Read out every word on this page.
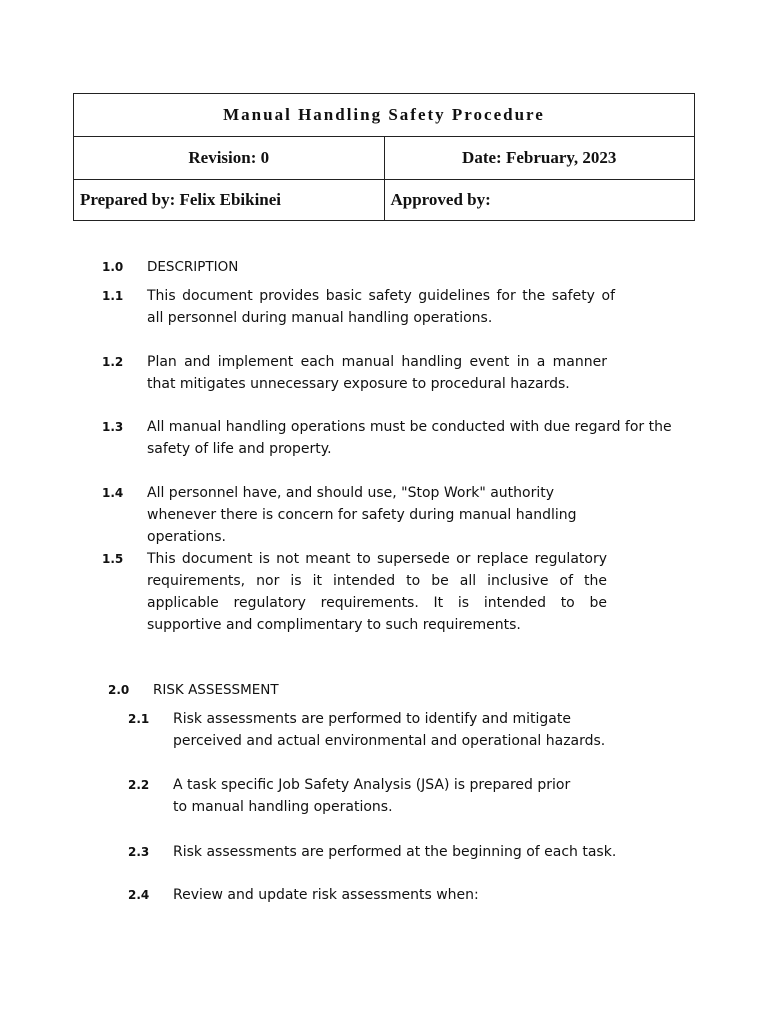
Manual Handling Safety Procedure	
Revision: 0	Date: February, 2023
Prepared by: Felix Ebikinei	Approved by:
1.0 DESCRIPTION
1.1 This document provides basic safety guidelines for the safety of all personnel during manual handling operations.
1.2 Plan and implement each manual handling event in a manner that mitigates unnecessary exposure to procedural hazards.
1.3 All manual handling operations must be conducted with due regard for the safety of life and property.
1.4 All personnel have, and should use, "Stop Work" authority whenever there is concern for safety during manual handling operations.
1.5 This document is not meant to supersede or replace regulatory requirements, nor is it intended to be all inclusive of the applicable regulatory requirements. It is intended to be supportive and complimentary to such requirements.
2.0 RISK ASSESSMENT
2.1 Risk assessments are performed to identify and mitigate perceived and actual environmental and operational hazards.
2.2 A task specific Job Safety Analysis (JSA) is prepared prior to manual handling operations.
2.3 Risk assessments are performed at the beginning of each task.
2.4 Review and update risk assessments when:
